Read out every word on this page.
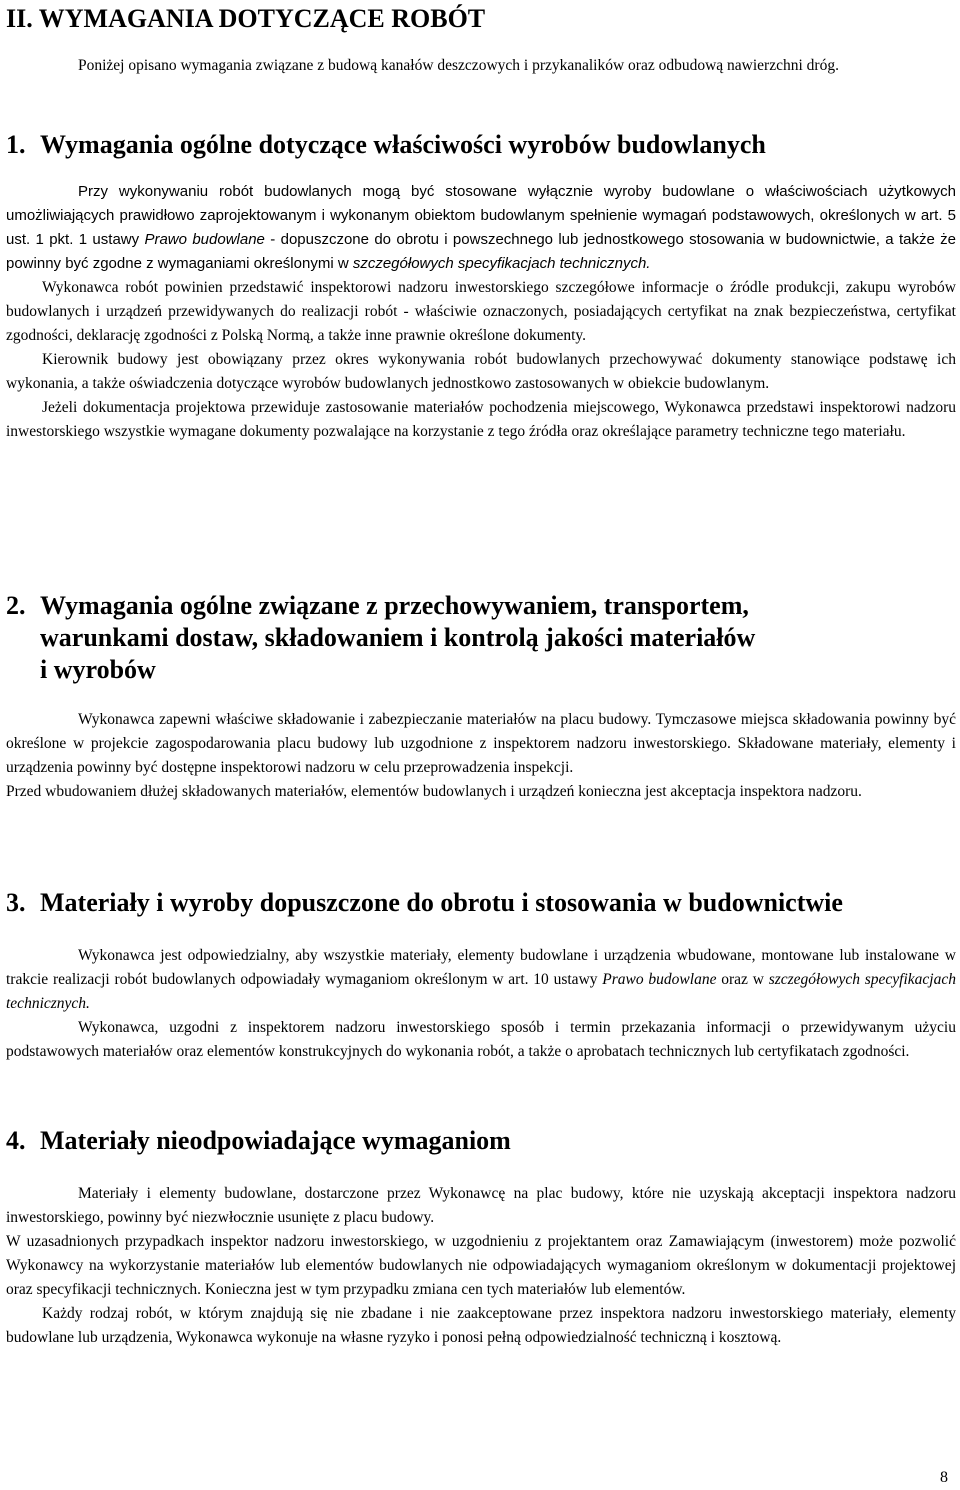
II. WYMAGANIA DOTYCZĄCE ROBÓT

Poniżej opisano wymagania związane z budową kanałów deszczowych i przykanalików oraz odbudową nawierzchni dróg.

1. Wymagania ogólne dotyczące właściwości wyrobów budowlanych

Przy wykonywaniu robót budowlanych mogą być stosowane wyłącznie wyroby budowlane o właściwościach użytkowych umożliwiających prawidłowo zaprojektowanym i wykonanym obiektom budowlanym spełnienie wymagań podstawowych, określonych w art. 5 ust. 1 pkt. 1 ustawy Prawo budowlane - dopuszczone do obrotu i powszechnego lub jednostkowego stosowania w budownictwie, a także że powinny być zgodne z wymaganiami określonymi w szczegółowych specyfikacjach technicznych.

Wykonawca robót powinien przedstawić inspektorowi nadzoru inwestorskiego szczegółowe informacje o źródle produkcji, zakupu wyrobów budowlanych i urządzeń przewidywanych do realizacji robót - właściwie oznaczonych, posiadających certyfikat na znak bezpieczeństwa, certyfikat zgodności, deklarację zgodności z Polską Normą, a także inne prawnie określone dokumenty.

Kierownik budowy jest obowiązany przez okres wykonywania robót budowlanych przechowywać dokumenty stanowiące podstawę ich wykonania, a także oświadczenia dotyczące wyrobów budowlanych jednostkowo zastosowanych w obiekcie budowlanym.

Jeżeli dokumentacja projektowa przewiduje zastosowanie materiałów pochodzenia miejscowego, Wykonawca przedstawi inspektorowi nadzoru inwestorskiego wszystkie wymagane dokumenty pozwalające na korzystanie z tego źródła oraz określające parametry techniczne tego materiału.

2. Wymagania ogólne związane z przechowywaniem, transportem,
warunkami dostaw, składowaniem i kontrolą jakości materiałów
i wyrobów

Wykonawca zapewni właściwe składowanie i zabezpieczanie materiałów na placu budowy. Tymczasowe miejsca składowania powinny być określone w projekcie zagospodarowania placu budowy lub uzgodnione z inspektorem nadzoru inwestorskiego. Składowane materiały, elementy i urządzenia powinny być dostępne inspektorowi nadzoru w celu przeprowadzenia inspekcji.

Przed wbudowaniem dłużej składowanych materiałów, elementów budowlanych i urządzeń konieczna jest akceptacja inspektora nadzoru.

3. Materiały i wyroby dopuszczone do obrotu i stosowania w budownictwie

Wykonawca jest odpowiedzialny, aby wszystkie materiały, elementy budowlane i urządzenia wbudowane, montowane lub instalowane w trakcie realizacji robót budowlanych odpowiadały wymaganiom określonym w art. 10 ustawy Prawo budowlane oraz w szczegółowych specyfikacjach technicznych.

Wykonawca, uzgodni z inspektorem nadzoru inwestorskiego sposób i termin przekazania informacji o przewidywanym użyciu podstawowych materiałów oraz elementów konstrukcyjnych do wykonania robót, a także o aprobatach technicznych lub certyfikatach zgodności.

4. Materiały nieodpowiadające wymaganiom

Materiały i elementy budowlane, dostarczone przez Wykonawcę na plac budowy, które nie uzyskają akceptacji inspektora nadzoru inwestorskiego, powinny być niezwłocznie usunięte z placu budowy.

W uzasadnionych przypadkach inspektor nadzoru inwestorskiego, w uzgodnieniu z projektantem oraz Zamawiającym (inwestorem) może pozwolić Wykonawcy na wykorzystanie materiałów lub elementów budowlanych nie odpowiadających wymaganiom określonym w dokumentacji projektowej oraz specyfikacji technicznych. Konieczna jest w tym przypadku zmiana cen tych materiałów lub elementów.

Każdy rodzaj robót, w którym znajdują się nie zbadane i nie zaakceptowane przez inspektora nadzoru inwestorskiego materiały, elementy budowlane lub urządzenia, Wykonawca wykonuje na własne ryzyko i ponosi pełną odpowiedzialność techniczną i kosztową.

8
